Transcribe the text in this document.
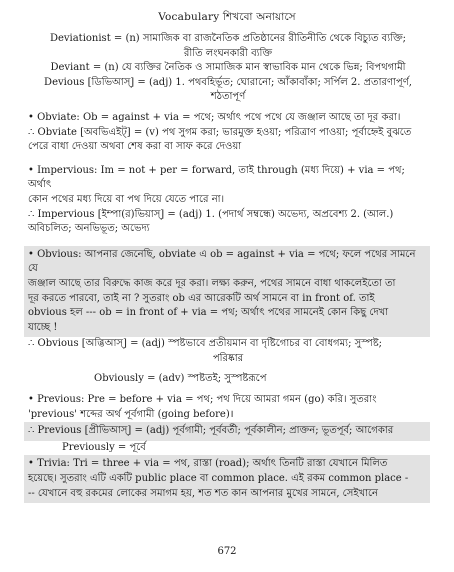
Vocabulary শিখবো অনায়াসে

Deviationist = (n) সামাজিক বা রাজনৈতিক প্রতিষ্ঠানের রীতিনীতি থেকে বিচ্যুত ব্যক্তি;

রীতি লংঘনকারী ব্যক্তি

Deviant = (n) যে ব্যক্তির নৈতিক ও সামাজিক মান স্বাভাবিক মান থেকে ভিন্ন; বিপথগামী

Devious [ডিভিআস্] = (adj) 1. পথবহির্ভূত; ঘোরানো; আঁকাবাঁকা; সর্পিল 2. প্রতারণাপূর্ণ,

শঠতাপূর্ণ

• Obviate: Ob = against + via = পথে; অর্থাৎ পথে পথে যে জঞ্জাল আছে তা দূর করা।

∴ Obviate [অবভিএইট্] = (v) পথ সুগম করা; ভারমুক্ত হওয়া; পরিত্রাণ পাওয়া; পূর্বাহ্নেই বুঝতে

পেরে বাধা দেওয়া অথবা শেষ করা বা সাফ করে দেওয়া

• Impervious: Im = not + per = forward, তাই through (মধ্য দিয়ে) + via = পথ; অর্থাৎ

কোন পথের মধ্য দিয়ে বা পথ দিয়ে যেতে পারে না।

∴ Impervious [ইম্পা(র)ভিয়াস্] = (adj) 1. (পদার্থ সম্বন্ধে) অভেদ্য, অপ্রবেশ্য 2. (আল.)

অবিচলিত; অনভিভূত; অভেদ্য

• Obvious: আপনার জেনেছি, obviate এ ob = against + via = পথে; ফলে পথের সামনে যে

জঞ্জাল আছে তার বিরুদ্ধে কাজ করে দূর করা। লক্ষ্য করুন, পথের সামনে বাধা থাকলেইতো তা

দূর করতে পারবো, তাই না ? সুতরাং ob এর আরেকটি অর্থ সামনে বা in front of. তাই

obvious হল --- ob = in front of + via = পথ; অর্থাৎ পথের সামনেই কোন কিছু দেখা

যাচ্ছে !

∴ Obvious [অব্ভিআস্] = (adj) স্পষ্টভাবে প্রতীয়মান বা দৃষ্টিগোচর বা বোধগম্য; সুস্পষ্ট;

পরিষ্কার

Obviously = (adv) স্পষ্টতই; সুস্পষ্টরূপে

• Previous: Pre = before + via = পথ; পথ দিয়ে আমরা গমন (go) করি। সুতরাং

'previous' শব্দের অর্থ পূর্বগামী (going before)।

∴ Previous [প্রীভিআস্] = (adj) পূর্বগামী; পূর্ববর্তী; পূর্বকালীন; প্রাক্তন; ভূতপূর্ব; আগেকার

Previously = পূর্বে

• Trivia: Tri = three + via = পথ, রাস্তা (road); অর্থাৎ তিনটি রাস্তা যেখানে মিলিত

হয়েছে। সুতরাং এটি একটি public place বা common place. এই রকম common place -

-- যেখানে বহু রকমের লোকের সমাগম হয়, শত শত কান আপনার মুখের সামনে, সেইখানে

672
